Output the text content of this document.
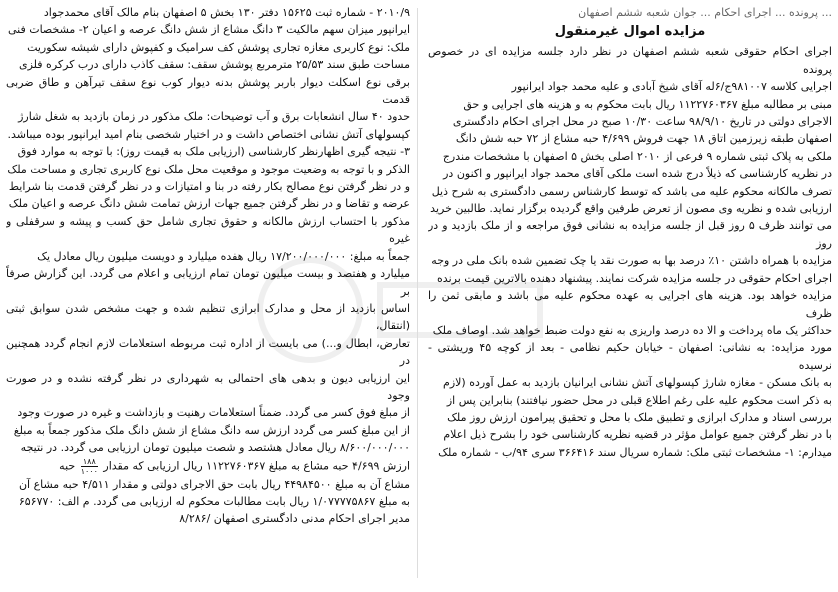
... پرونده ... اجرای احکام ... جوان شعبه ششم اصفهان
مزایده اموال غیرمنقول
اجرای احکام حقوقی شعبه ششم اصفهان در نظر دارد جلسه مزایده ای در خصوص پرونده
اجرایی کلاسه ۹۸۱۰۰۷ج/۶له آقای شیخ آبادی و علیه محمد جواد ایرانپور
مبنی بر مطالبه مبلغ ۱۱۲۲۷۶۰۳۶۷ ریال بابت محکوم به و هزینه های اجرایی و حق
الاجرای دولتی در تاریخ ۹۸/۹/۱۰ ساعت ۱۰/۳۰ صبح در محل اجرای احکام دادگستری
اصفهان طبقه زیرزمین اتاق ۱۸ جهت فروش ۴/۶۹۹ حبه مشاع از ۷۲ حبه شش دانگ
ملکی به پلاک ثبتی شماره ۹ فرعی از ۲۰۱۰ اصلی بخش ۵ اصفهان با مشخصات مندرج
در نظریه کارشناسی که ذیلاً درج شده است ملکی آقای محمد جواد ایرانپور و اکنون در
تصرف مالکانه محکوم علیه می باشد که توسط کارشناس رسمی دادگستری به شرح ذیل
ارزیابی شده و نظریه وی مصون از تعرض طرفین واقع گردیده برگزار نماید. طالبین خرید
می توانند ظرف ۵ روز قبل از جلسه مزایده به نشانی فوق مراجعه و از ملک بازدید و در روز
مزایده با همراه داشتن ۱۰٪ درصد بها به صورت نقد یا چک تضمین شده بانک ملی در وجه
اجرای احکام حقوقی در جلسه مزایده شرکت نمایند. پیشنهاد دهنده بالاترین قیمت برنده
مزایده خواهد بود. هزینه های اجرایی به عهده محکوم علیه می باشد و مابقی ثمن را ظرف
حداکثر یک ماه پرداخت و الا ده درصد واریزی به نفع دولت ضبط خواهد شد. اوصاف ملک
مورد مزایده: به نشانی: اصفهان - خیابان حکیم نظامی - بعد از کوچه ۴۵ وریشتی - نرسیده
به بانک مسکن - مغازه شارژ کپسولهای آتش نشانی ایرانیان بازدید به عمل آورده (لازم
به ذکر است محکوم علیه علی رغم اطلاع قبلی در محل حضور نیافتند) بنابراین پس از
بررسی اسناد و مدارک ابرازی و تطبیق ملک با محل و تحقیق پیرامون ارزش روز ملک
با در نظر گرفتن جمیع عوامل مؤثر در قضیه نظریه کارشناسی خود را بشرح ذیل اعلام
میدارم: ۱- مشخصات ثبتی ملک: شماره سریال سند ۳۶۶۴۱۶ سری ۹۴/ب - شماره ملک
۲۰۱۰/۹ - شماره ثبت ۱۵۶۲۵ دفتر ۱۳۰ بخش ۵ اصفهان بنام مالک آقای محمدجواد
ایرانپور میزان سهم مالکیت ۳ دانگ مشاع از شش دانگ عرصه و اعیان ۲- مشخصات فنی
ملک: نوع کاربری مغازه تجاری پوشش کف سرامیک و کفپوش دارای شیشه سکوریت
مساحت طبق سند ۲۵/۵۳ مترمربع پوشش سقف: سقف کاذب دارای درب کرکره فلزی
برقی نوع اسکلت دیوار باربر پوشش بدنه دیوار کوب نوع سقف تیرآهن و طاق ضربی قدمت
حدود ۴۰ سال انشعابات برق و آب توضیحات: ملک مذکور در زمان بازدید به شغل شارژ
کپسولهای آتش نشانی اختصاص داشت و در اختیار شخصی بنام امید ایرانپور بوده میباشد.
۳- نتیجه گیری اظهارنظر کارشناسی (ارزیابی ملک به قیمت روز): با توجه به موارد فوق
الذکر و با توجه به وضعیت موجود و موقعیت محل ملک نوع کاربری تجاری و مساحت ملک
و در نظر گرفتن نوع مصالح بکار رفته در بنا و امتیازات و در نظر گرفتن قدمت بنا شرایط
عرضه و تقاضا و در نظر گرفتن جمیع جهات ارزش تمامت شش دانگ عرصه و اعیان ملک
مذکور با احتساب ارزش مالکانه و حقوق تجاری شامل حق کسب و پیشه و سرقفلی و غیره
جمعاً به مبلغ: ۱۷/۲۰۰/۰۰۰/۰۰۰ ریال هفده میلیارد و دویست میلیون ریال معادل یک
میلیارد و هفتصد و بیست میلیون تومان تمام ارزیابی و اعلام می گردد. این گزارش صرفاً بر
اساس بازدید از محل و مدارک ابرازی تنظیم شده و جهت مشخص شدن سوابق ثبتی (انتقال،
تعارض، ابطال و...) می بایست از اداره ثبت مربوطه استعلامات لازم انجام گردد همچنین در
این ارزیابی دیون و بدهی های احتمالی به شهرداری در نظر گرفته نشده و در صورت وجود
از مبلغ فوق کسر می گردد. ضمناً استعلامات رهنیت و بازداشت و غیره در صورت وجود
از این مبلغ کسر می گردد ارزش سه دانگ مشاع از شش دانگ ملک مذکور جمعاً به مبلغ
۸/۶۰۰/۰۰۰/۰۰۰ ریال معادل هشتصد و شصت میلیون تومان ارزیابی می گردد. در نتیجه
ارزش ۴/۶۹۹ حبه مشاع به مبلغ ۱۱۲۲۷۶۰۳۶۷ ریال ارزیابی که مقدار
$\frac{۱۸۸}{۱۰۰۰}$
حبه
مشاع آن به مبلغ ۴۴۹۸۴۵۰۰ ریال بابت حق الاجرای دولتی و مقدار ۴/۵۱۱ حبه مشاع آن
به مبلغ ۱/۰۷۷۷۷۵۸۶۷ ریال بابت مطالبات محکوم له ارزیابی می گردد. م الف: ۶۵۶۷۷۰
مدیر اجرای احکام مدنی دادگستری اصفهان /۸/۲۸۶
